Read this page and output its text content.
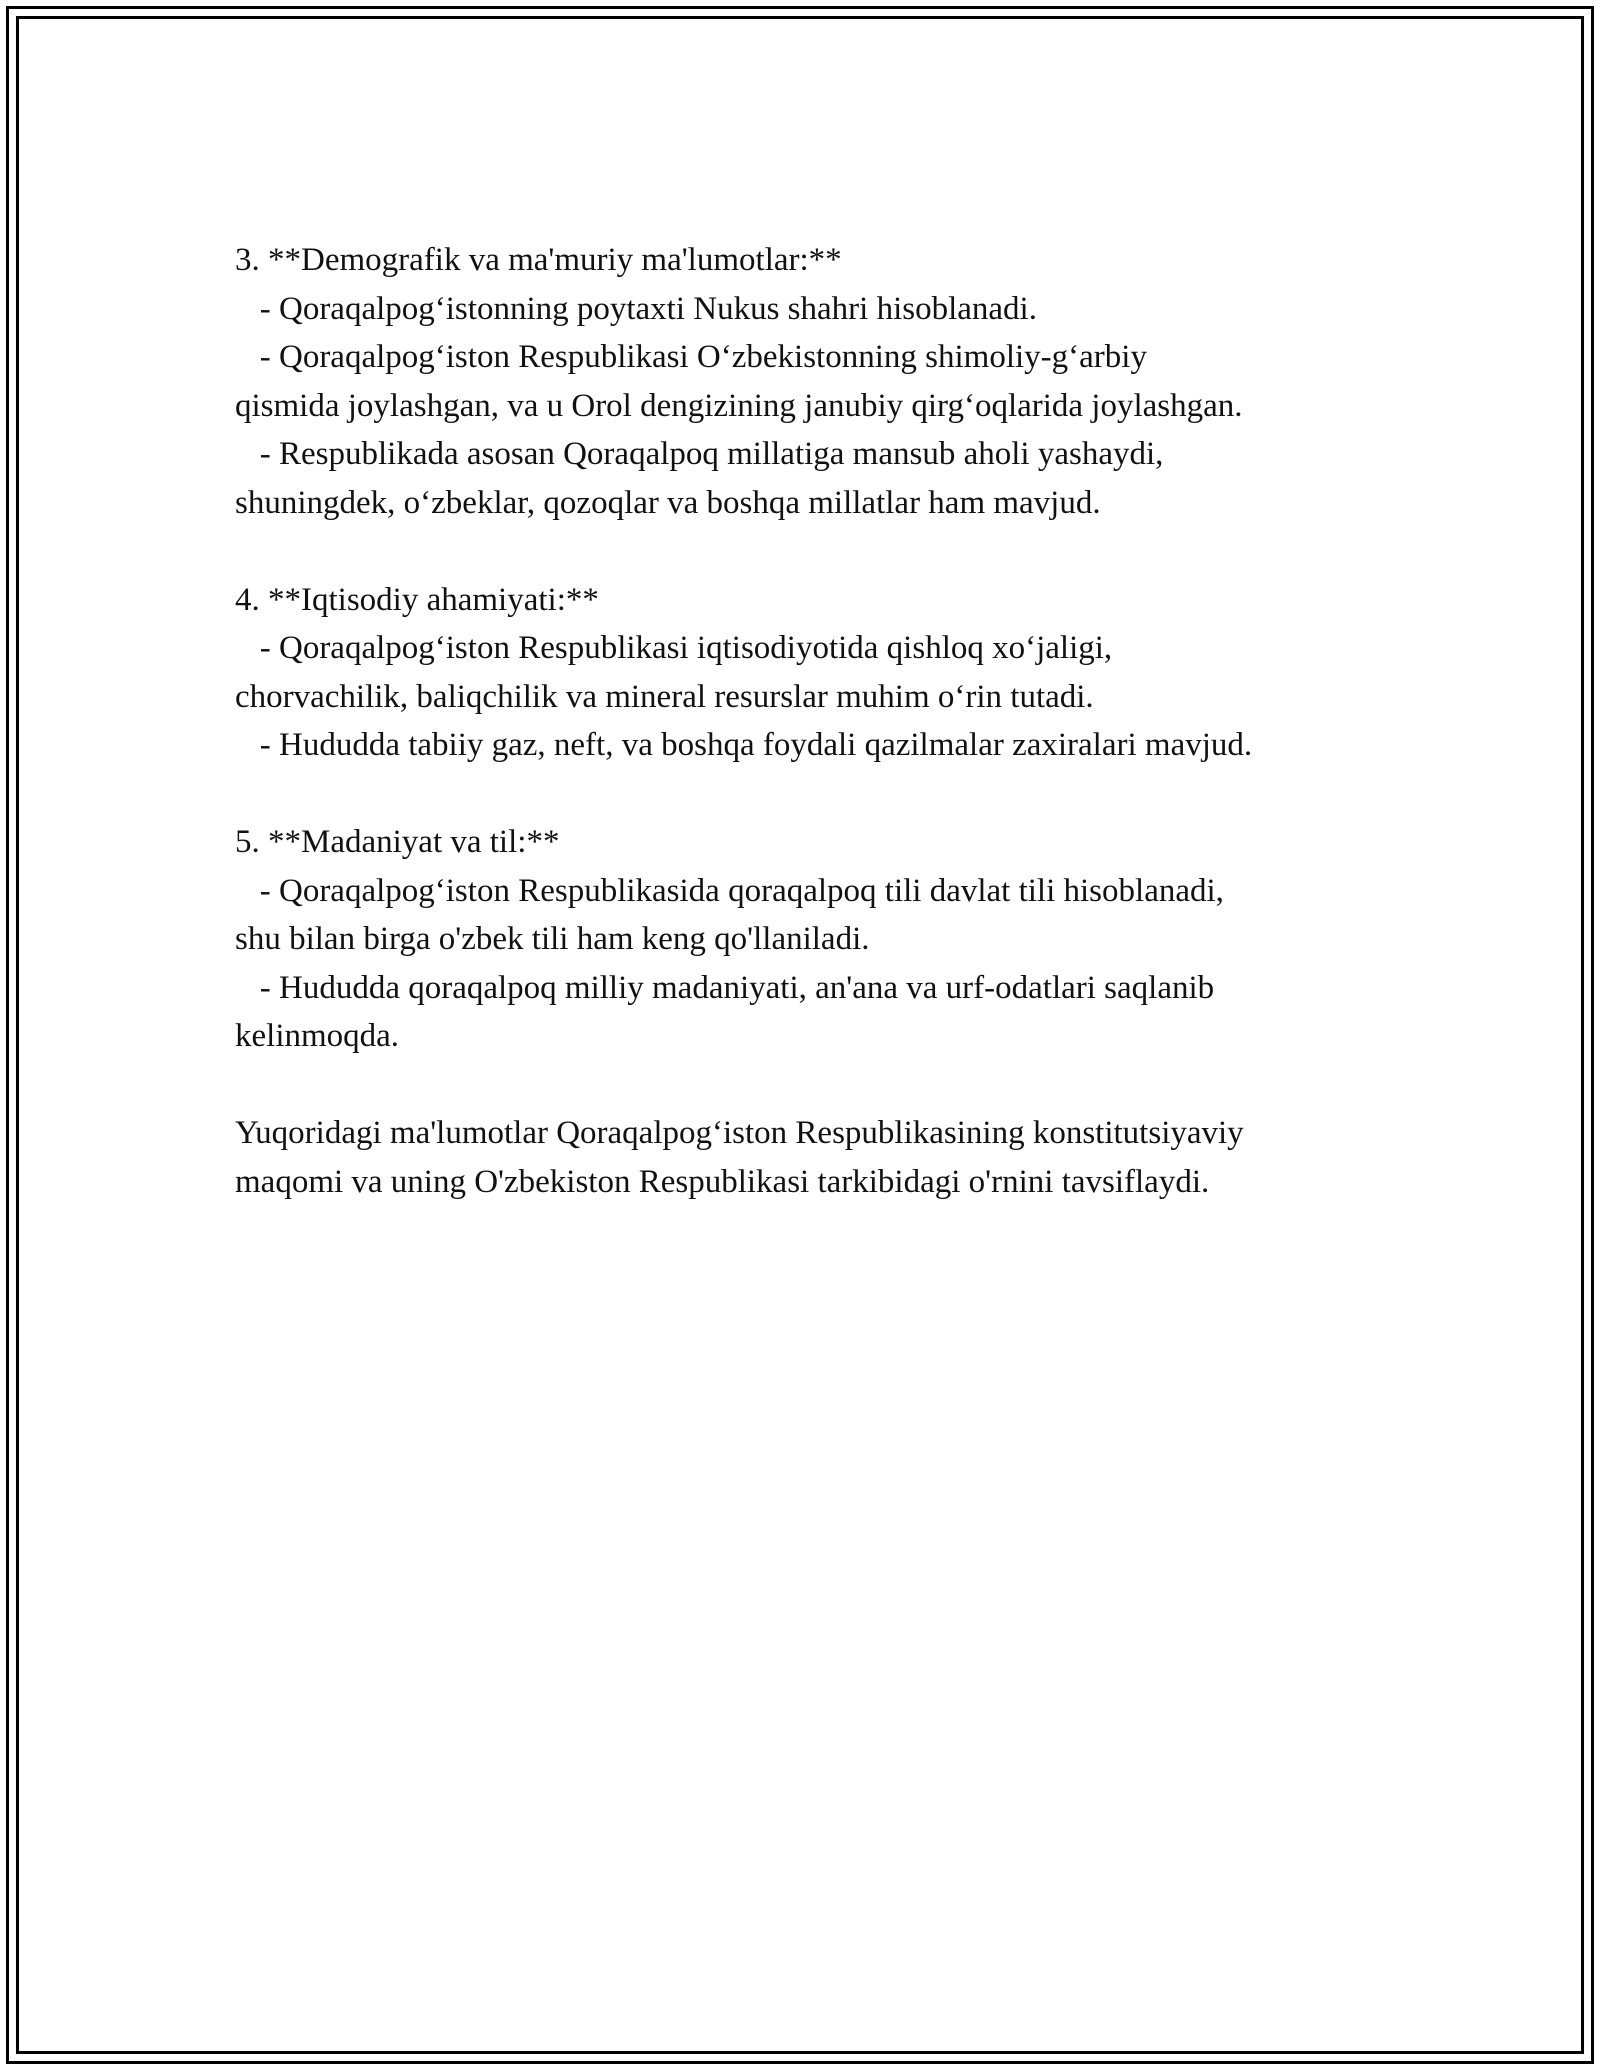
3. **Demografik va ma'muriy ma'lumotlar:**

- Qoraqalpog‘istonning poytaxti Nukus shahri hisoblanadi.

- Qoraqalpog‘iston Respublikasi O‘zbekistonning shimoliy-g‘arbiy
qismida joylashgan, va u Orol dengizining janubiy qirg‘oqlarida joylashgan.

- Respublikada asosan Qoraqalpoq millatiga mansub aholi yashaydi,
shuningdek, o‘zbeklar, qozoqlar va boshqa millatlar ham mavjud.

4. **Iqtisodiy ahamiyati:**

- Qoraqalpog‘iston Respublikasi iqtisodiyotida qishloq xo‘jaligi,
chorvachilik, baliqchilik va mineral resurslar muhim o‘rin tutadi.

- Hududda tabiiy gaz, neft, va boshqa foydali qazilmalar zaxiralari mavjud.

5. **Madaniyat va til:**

- Qoraqalpog‘iston Respublikasida qoraqalpoq tili davlat tili hisoblanadi,
shu bilan birga o'zbek tili ham keng qo'llaniladi.

- Hududda qoraqalpoq milliy madaniyati, an'ana va urf-odatlari saqlanib
kelinmoqda.

Yuqoridagi ma'lumotlar Qoraqalpog‘iston Respublikasining konstitutsiyaviy
maqomi va uning O'zbekiston Respublikasi tarkibidagi o'rnini tavsiflaydi.
